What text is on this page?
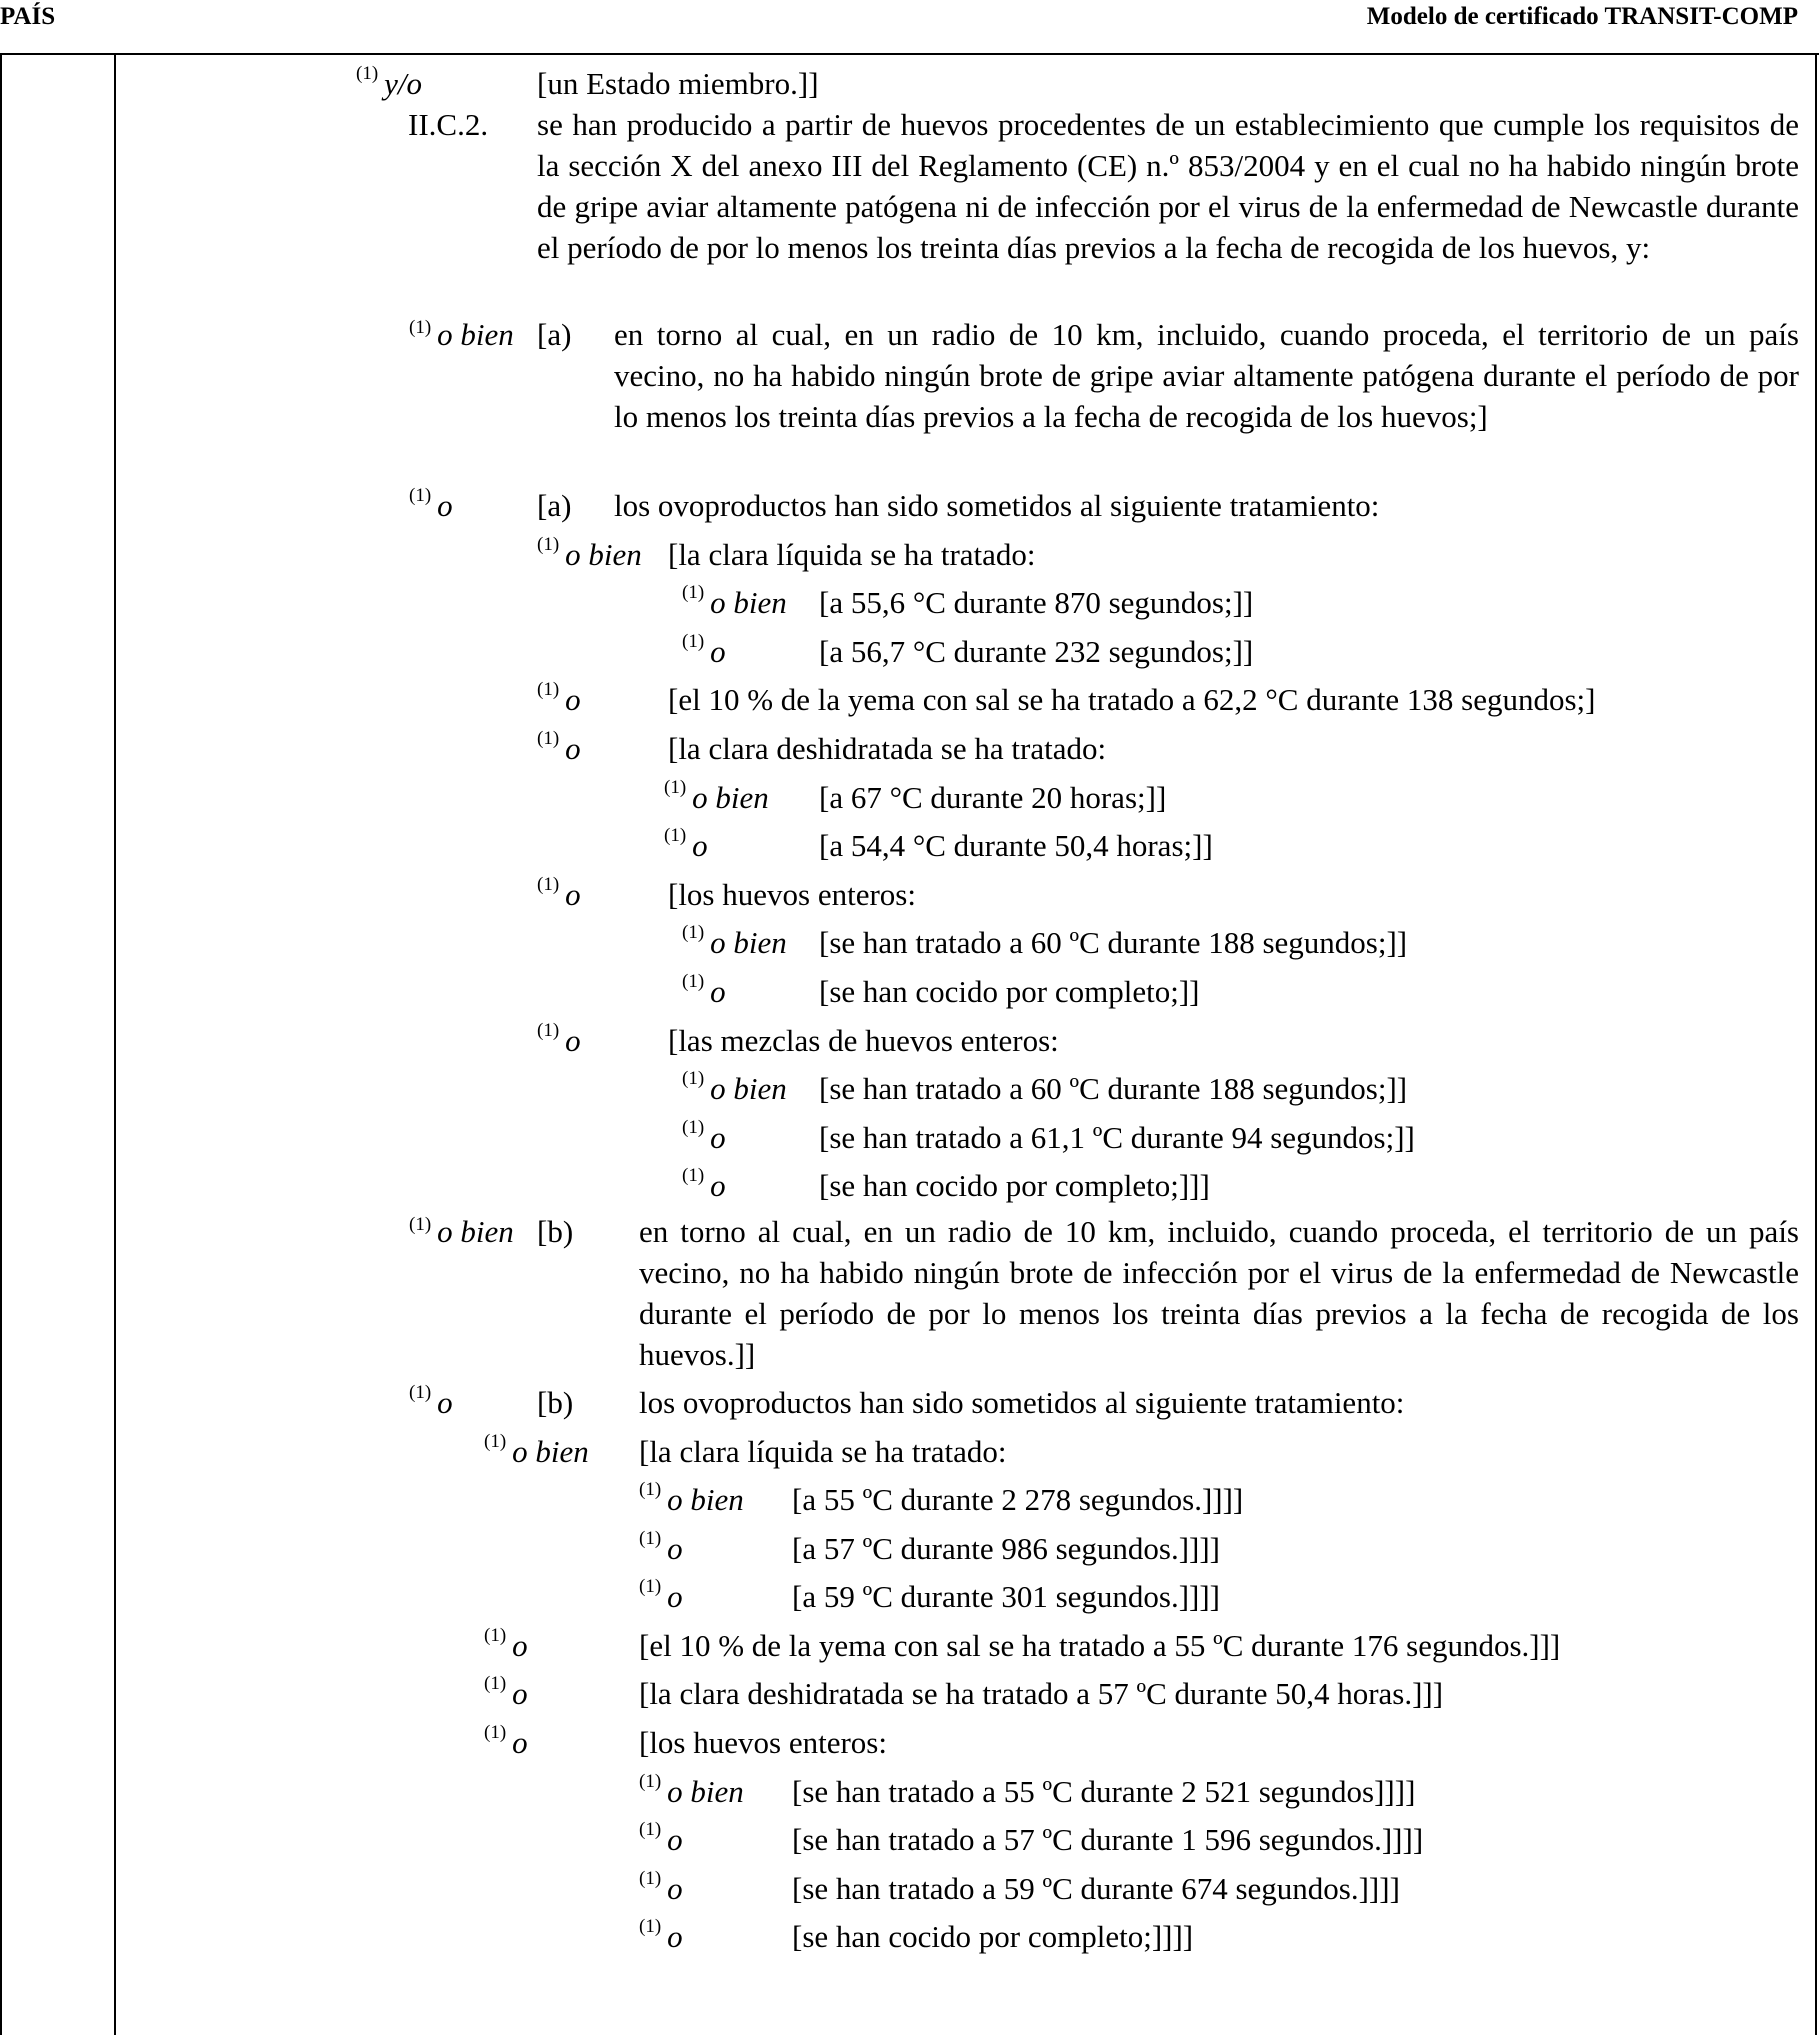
PAÍS	Modelo de certificado TRANSIT-COMP
$^{(1)}$ y/o	[un Estado miembro.]]
II.C.2. se han producido a partir de huevos procedentes de un establecimiento que cumple los requisitos de la sección X del anexo III del Reglamento (CE) n.º 853/2004 y en el cual no ha habido ningún brote de gripe aviar altamente patógena ni de infección por el virus de la enfermedad de Newcastle durante el período de por lo menos los treinta días previos a la fecha de recogida de los huevos, y:
$^{(1)}$ o bien [a) en torno al cual, en un radio de 10 km, incluido, cuando proceda, el territorio de un país vecino, no ha habido ningún brote de gripe aviar altamente patógena durante el período de por lo menos los treinta días previos a la fecha de recogida de los huevos;]
$^{(1)}$ o	[a) los ovoproductos han sido sometidos al siguiente tratamiento:
$^{(1)}$ o bien [la clara líquida se ha tratado:
$^{(1)}$ o bien [a 55,6 °C durante 870 segundos;]]
$^{(1)}$ o	[a 56,7 °C durante 232 segundos;]]
$^{(1)}$ o	[el 10 % de la yema con sal se ha tratado a 62,2 °C durante 138 segundos;]
$^{(1)}$ o	[la clara deshidratada se ha tratado:
$^{(1)}$ o bien [a 67 °C durante 20 horas;]]
$^{(1)}$ o	[a 54,4 °C durante 50,4 horas;]]
$^{(1)}$ o	[los huevos enteros:
$^{(1)}$ o bien [se han tratado a 60 ºC durante 188 segundos;]]
$^{(1)}$ o	[se han cocido por completo;]]
$^{(1)}$ o	[las mezclas de huevos enteros:
$^{(1)}$ o bien [se han tratado a 60 ºC durante 188 segundos;]]
$^{(1)}$ o	[se han tratado a 61,1 ºC durante 94 segundos;]]
$^{(1)}$ o	[se han cocido por completo;]]]
$^{(1)}$ o bien [b) en torno al cual, en un radio de 10 km, incluido, cuando proceda, el territorio de un país vecino, no ha habido ningún brote de infección por el virus de la enfermedad de Newcastle durante el período de por lo menos los treinta días previos a la fecha de recogida de los huevos.]]
$^{(1)}$ o	[b) los ovoproductos han sido sometidos al siguiente tratamiento:
$^{(1)}$ o bien [la clara líquida se ha tratado:
$^{(1)}$ o bien [a 55 ºC durante 2 278 segundos.]]]]
$^{(1)}$ o	[a 57 ºC durante 986 segundos.]]]]
$^{(1)}$ o	[a 59 ºC durante 301 segundos.]]]]
$^{(1)}$ o	[el 10 % de la yema con sal se ha tratado a 55 ºC durante 176 segundos.]]]
$^{(1)}$ o	[la clara deshidratada se ha tratado a 57 ºC durante 50,4 horas.]]]
$^{(1)}$ o	[los huevos enteros:
$^{(1)}$ o bien [se han tratado a 55 ºC durante 2 521 segundos]]]]
$^{(1)}$ o	[se han tratado a 57 ºC durante 1 596 segundos.]]]]
$^{(1)}$ o	[se han tratado a 59 ºC durante 674 segundos.]]]]
$^{(1)}$ o	[se han cocido por completo;]]]]
